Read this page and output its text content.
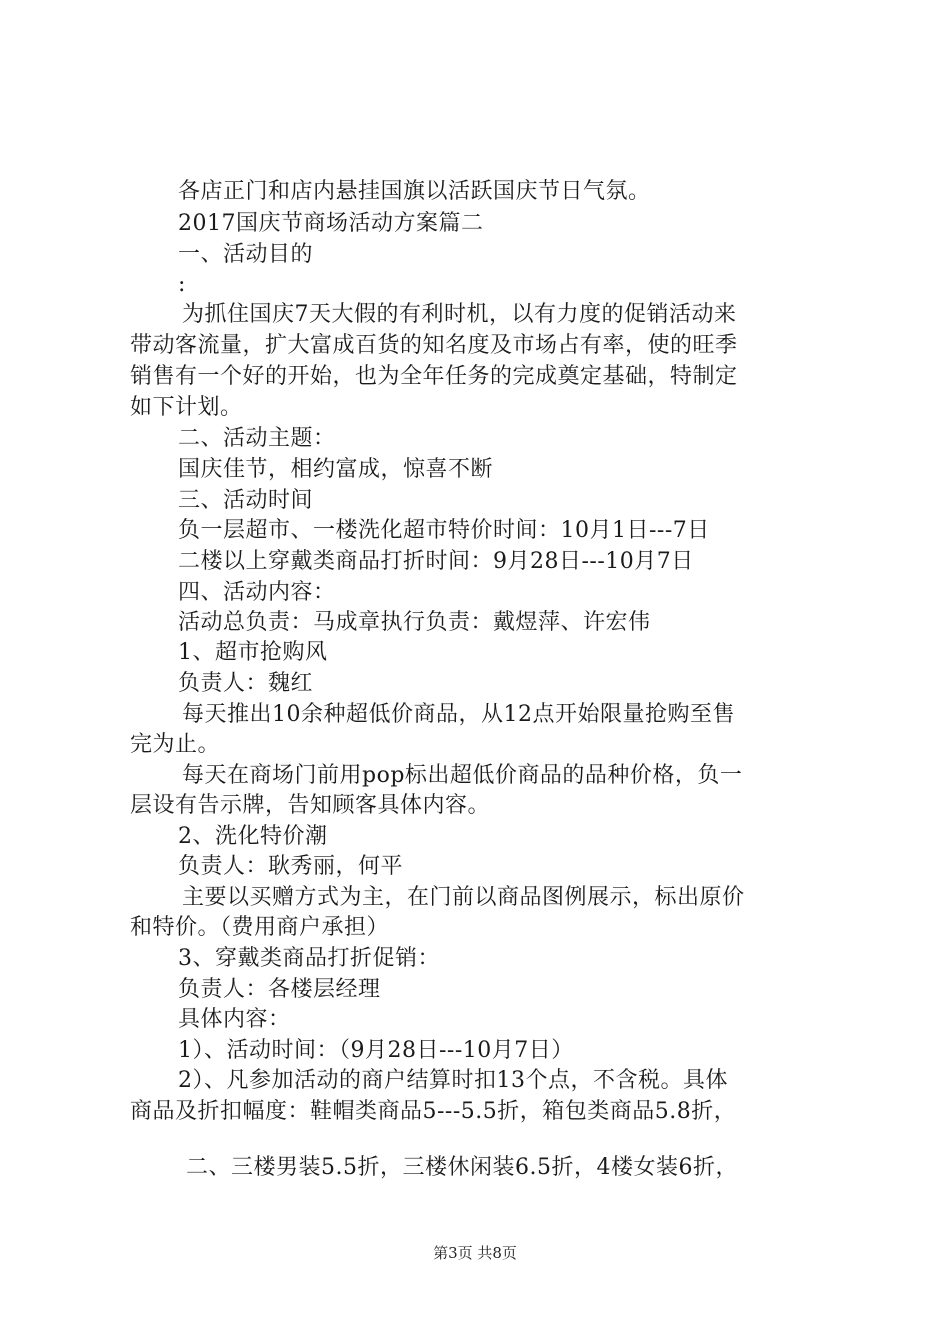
各店正门和店内悬挂国旗以活跃国庆节日气氛。
2017国庆节商场活动方案篇二
一、活动目的
:
为抓住国庆7天大假的有利时机，以有力度的促销活动来
带动客流量，扩大富成百货的知名度及市场占有率，使的旺季
销售有一个好的开始，也为全年任务的完成奠定基础，特制定
如下计划。
二、活动主题：
国庆佳节，相约富成，惊喜不断
三、活动时间
负一层超市、一楼洗化超市特价时间：10月1日---7日
二楼以上穿戴类商品打折时间：9月28日---10月7日
四、活动内容：
活动总负责：马成章执行负责：戴煜萍、许宏伟
1、超市抢购风
负责人：魏红
每天推出10余种超低价商品，从12点开始限量抢购至售
完为止。
每天在商场门前用pop标出超低价商品的品种价格，负一
层设有告示牌，告知顾客具体内容。
2、洗化特价潮
负责人：耿秀丽，何平
主要以买赠方式为主，在门前以商品图例展示，标出原价
和特价。（费用商户承担）
3、穿戴类商品打折促销：
负责人：各楼层经理
具体内容：
1）、活动时间：（9月28日---10月7日）
2）、凡参加活动的商户结算时扣13个点，不含税。具体
商品及折扣幅度：鞋帽类商品5---5.5折，箱包类商品5.8折，
二、三楼男装5.5折，三楼休闲装6.5折，4楼女装6折，
第3页 共8页
